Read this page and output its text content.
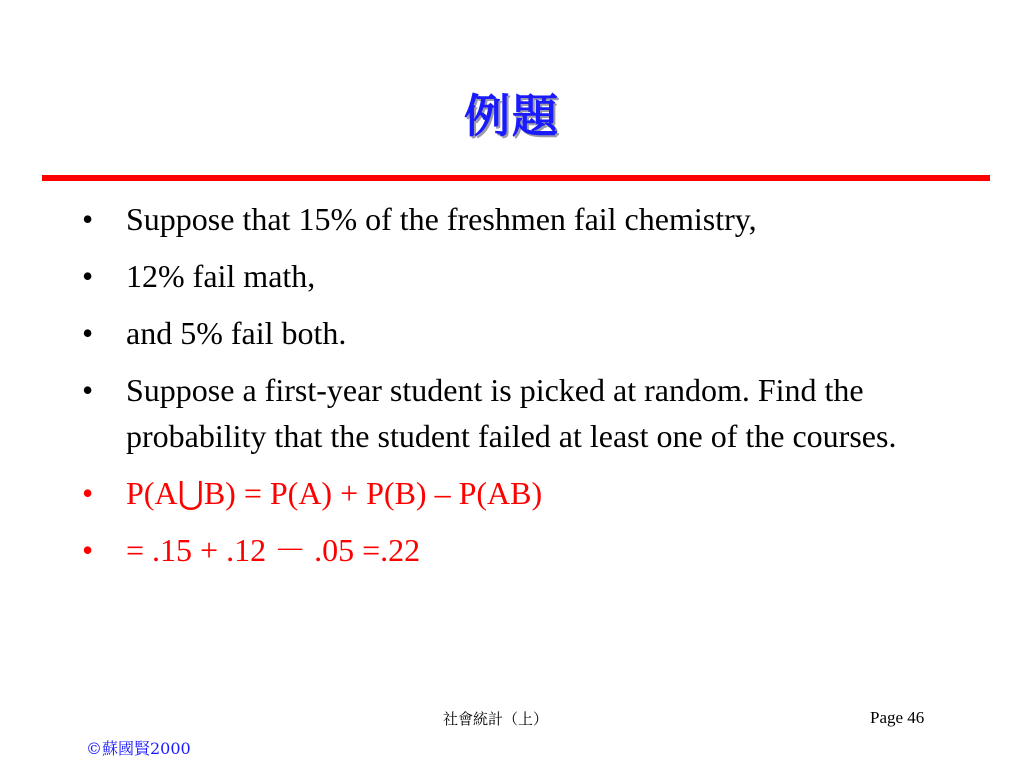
例題
• Suppose that 15% of the freshmen fail chemistry,
• 12% fail math,
• and 5% fail both.
• Suppose a first-year student is picked at random. Find the probability that the student failed at least one of the courses.
• P(A⋃B) = P(A) + P(B) – P(AB)
• = .15 + .12 － .05 =.22
社會統計（上）	Page 46
©蘇國賢2000
